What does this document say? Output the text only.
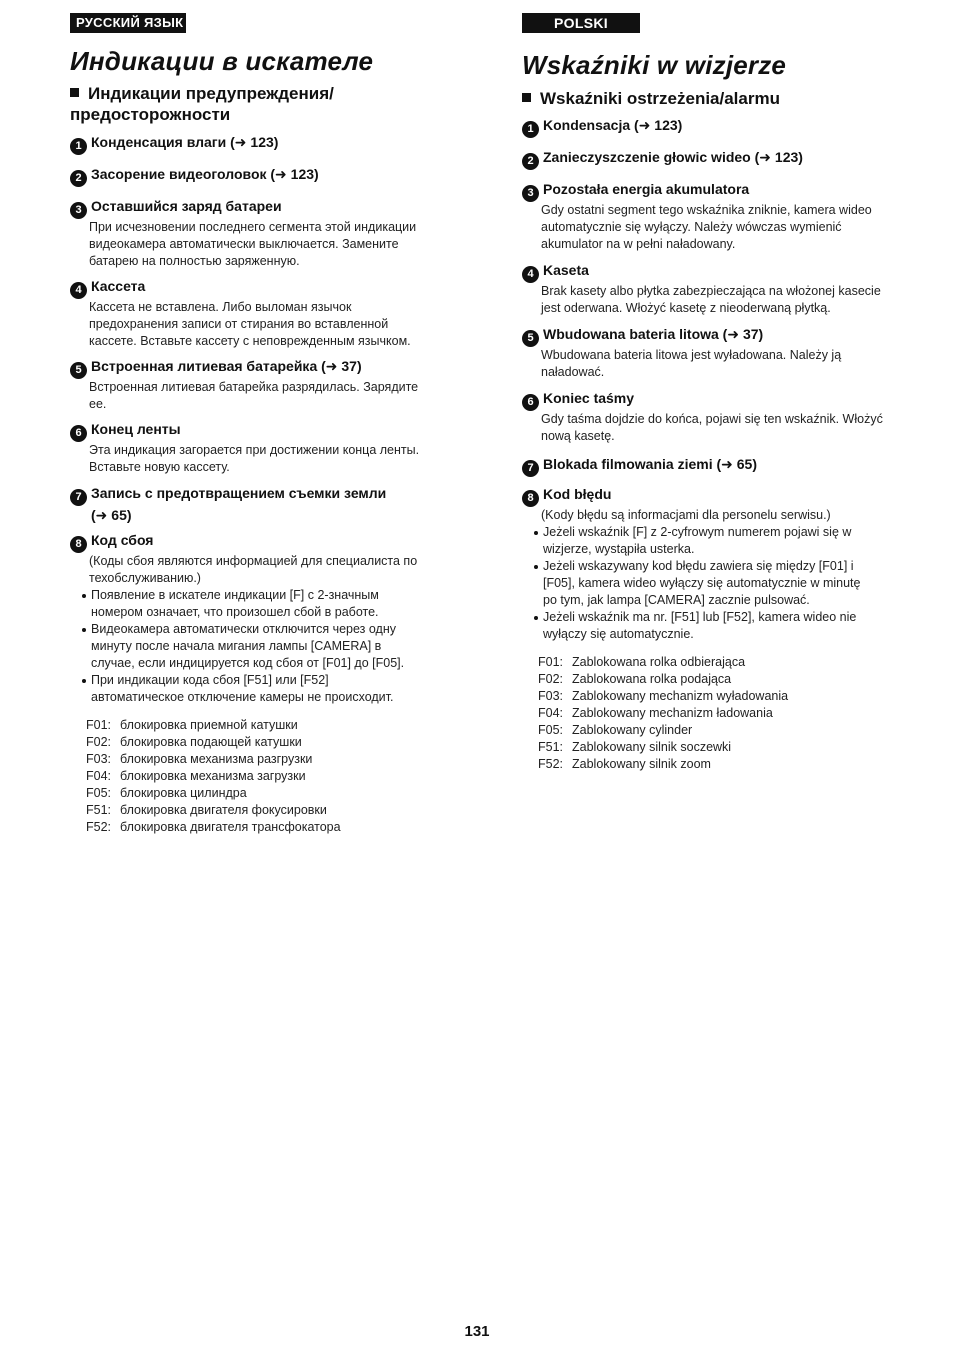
РУССКИЙ ЯЗЫК
Индикации в искателе
Индикации предупреждения/
предосторожности
1 Конденсация влаги (➜ 123)
2 Засорение видеоголовок (➜ 123)
3 Оставшийся заряд батареи

При исчезновении последнего сегмента этой индикации

видеокамера автоматически выключается. Замените

батарею на полностью заряженную.

4 Кассета

Кассета не вставлена. Либо выломан язычок

предохранения записи от стирания во вставленной

кассете. Вставьте кассету с неповрежденным язычком.

5 Встроенная литиевая батарейка (➜ 37)

Встроенная литиевая батарейка разрядилась. Зарядите

ее.

6 Конец ленты

Эта индикация загорается при достижении конца ленты.

Вставьте новую кассету.

7 Запись с предотвращением съемки земли
(➜ 65)
8 Код сбоя

(Коды сбоя являются информацией для специалиста по

техобслуживанию.)

Появление в искателе индикации [F] с 2-значным
номером означает, что произошел сбой в работе.
Видеокамера автоматически отключится через одну
минуту после начала мигания лампы [CAMERA] в
случае, если индицируется код сбоя от [F01] до [F05].
При индикации кода сбоя [F51] или [F52]
автоматическое отключение камеры не происходит.
F01: блокировка приемной катушки
F02: блокировка подающей катушки
F03: блокировка механизма разгрузки
F04: блокировка механизма загрузки
F05: блокировка цилиндра
F51: блокировка двигателя фокусировки
F52: блокировка двигателя трансфокатора
POLSKI
Wskaźniki w wizjerze
Wskaźniki ostrzeżenia/alarmu
1 Kondensacja (➜ 123)
2 Zanieczyszczenie głowic wideo (➜ 123)
3 Pozostała energia akumulatora

Gdy ostatni segment tego wskaźnika zniknie, kamera wideo

automatycznie się wyłączy. Należy wówczas wymienić

akumulator na w pełni naładowany.

4 Kaseta

Brak kasety albo płytka zabezpieczająca na włożonej kasecie

jest oderwana. Włożyć kasetę z nieoderwaną płytką.

5 Wbudowana bateria litowa (➜ 37)

Wbudowana bateria litowa jest wyładowana. Należy ją

naładować.

6 Koniec taśmy

Gdy taśma dojdzie do końca, pojawi się ten wskaźnik. Włożyć

nową kasetę.

7 Blokada filmowania ziemi (➜ 65)
8 Kod błędu

(Kody błędu są informacjami dla personelu serwisu.)

Jeżeli wskaźnik [F] z 2-cyfrowym numerem pojawi się w
wizjerze, wystąpiła usterka.
Jeżeli wskazywany kod błędu zawiera się między [F01] i
[F05], kamera wideo wyłączy się automatycznie w minutę
po tym, jak lampa [CAMERA] zacznie pulsować.
Jeżeli wskaźnik ma nr. [F51] lub [F52], kamera wideo nie
wyłączy się automatycznie.
F01: Zablokowana rolka odbierająca
F02: Zablokowana rolka podająca
F03: Zablokowany mechanizm wyładowania
F04: Zablokowany mechanizm ładowania
F05: Zablokowany cylinder
F51: Zablokowany silnik soczewki
F52: Zablokowany silnik zoom
131
